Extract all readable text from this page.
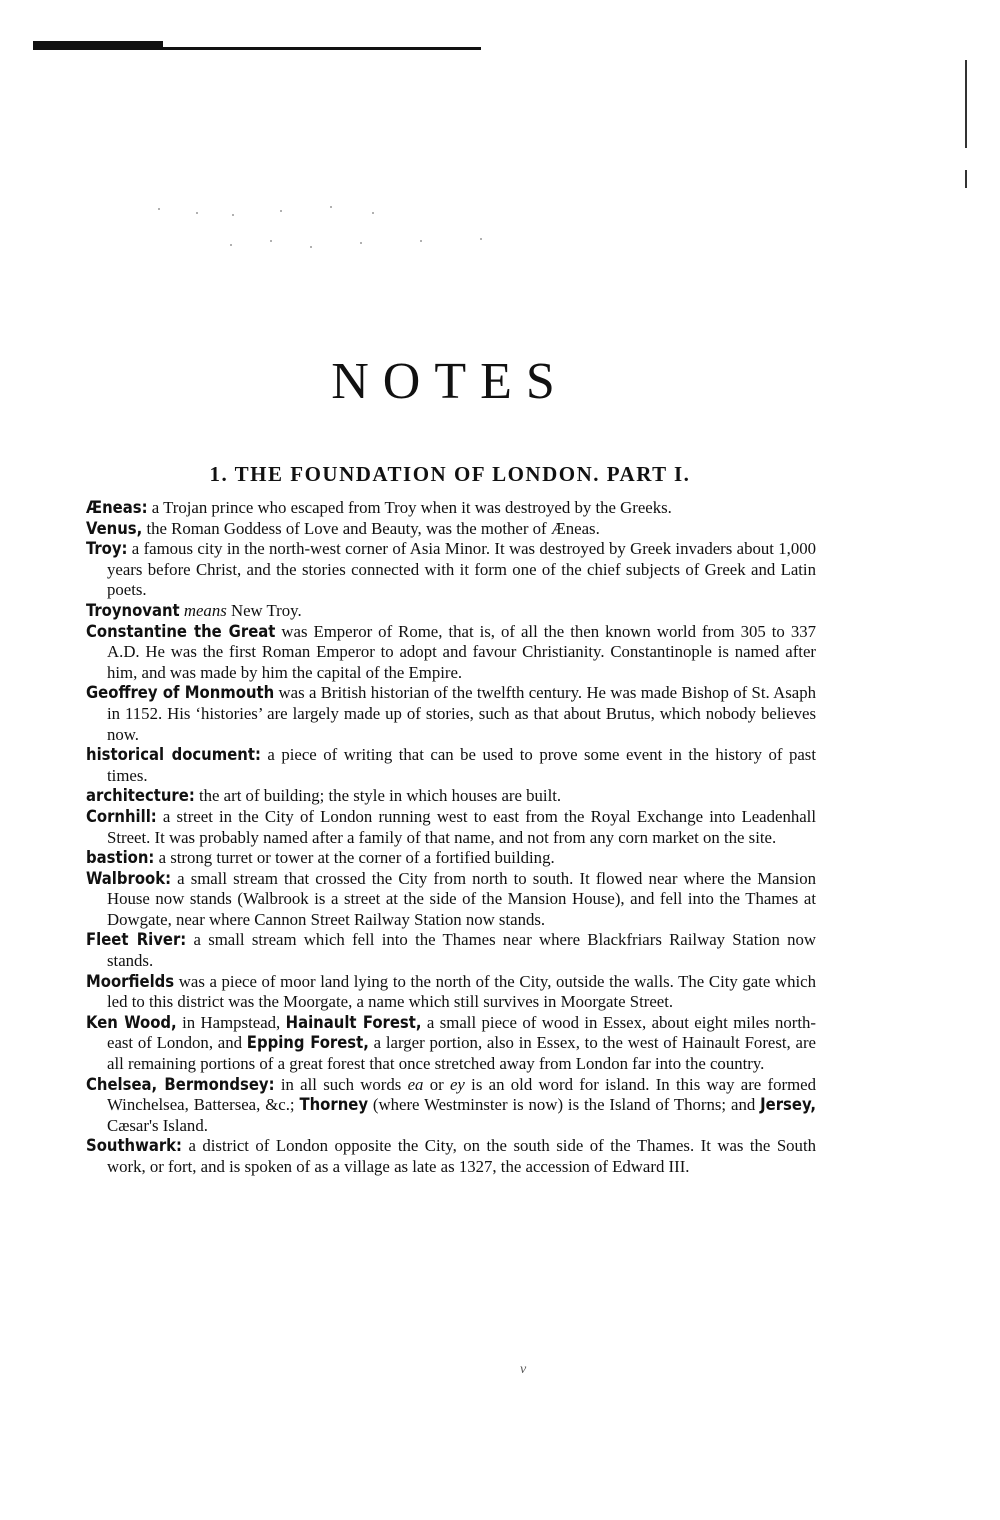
NOTES
1. THE FOUNDATION OF LONDON. PART I.
Æneas: a Trojan prince who escaped from Troy when it was destroyed by the Greeks.
Venus, the Roman Goddess of Love and Beauty, was the mother of Æneas.
Troy: a famous city in the north-west corner of Asia Minor. It was destroyed by Greek invaders about 1,000 years before Christ, and the stories connected with it form one of the chief subjects of Greek and Latin poets.
Troynovant means New Troy.
Constantine the Great was Emperor of Rome, that is, of all the then known world from 305 to 337 A.D. He was the first Roman Emperor to adopt and favour Christianity. Constantinople is named after him, and was made by him the capital of the Empire.
Geoffrey of Monmouth was a British historian of the twelfth century. He was made Bishop of St. Asaph in 1152. His ‘histories’ are largely made up of stories, such as that about Brutus, which nobody believes now.
historical document: a piece of writing that can be used to prove some event in the history of past times.
architecture: the art of building; the style in which houses are built.
Cornhill: a street in the City of London running west to east from the Royal Exchange into Leadenhall Street. It was probably named after a family of that name, and not from any corn market on the site.
bastion: a strong turret or tower at the corner of a fortified building.
Walbrook: a small stream that crossed the City from north to south. It flowed near where the Mansion House now stands (Walbrook is a street at the side of the Mansion House), and fell into the Thames at Dowgate, near where Cannon Street Railway Station now stands.
Fleet River: a small stream which fell into the Thames near where Blackfriars Railway Station now stands.
Moorfields was a piece of moor land lying to the north of the City, outside the walls. The City gate which led to this district was the Moorgate, a name which still survives in Moorgate Street.
Ken Wood, in Hampstead, Hainault Forest, a small piece of wood in Essex, about eight miles north-east of London, and Epping Forest, a larger portion, also in Essex, to the west of Hainault Forest, are all remaining portions of a great forest that once stretched away from London far into the country.
Chelsea, Bermondsey: in all such words ea or ey is an old word for island. In this way are formed Winchelsea, Battersea, &c.; Thorney (where Westminster is now) is the Island of Thorns; and Jersey, Cæsar's Island.
Southwark: a district of London opposite the City, on the south side of the Thames. It was the South work, or fort, and is spoken of as a village as late as 1327, the accession of Edward III.
v
